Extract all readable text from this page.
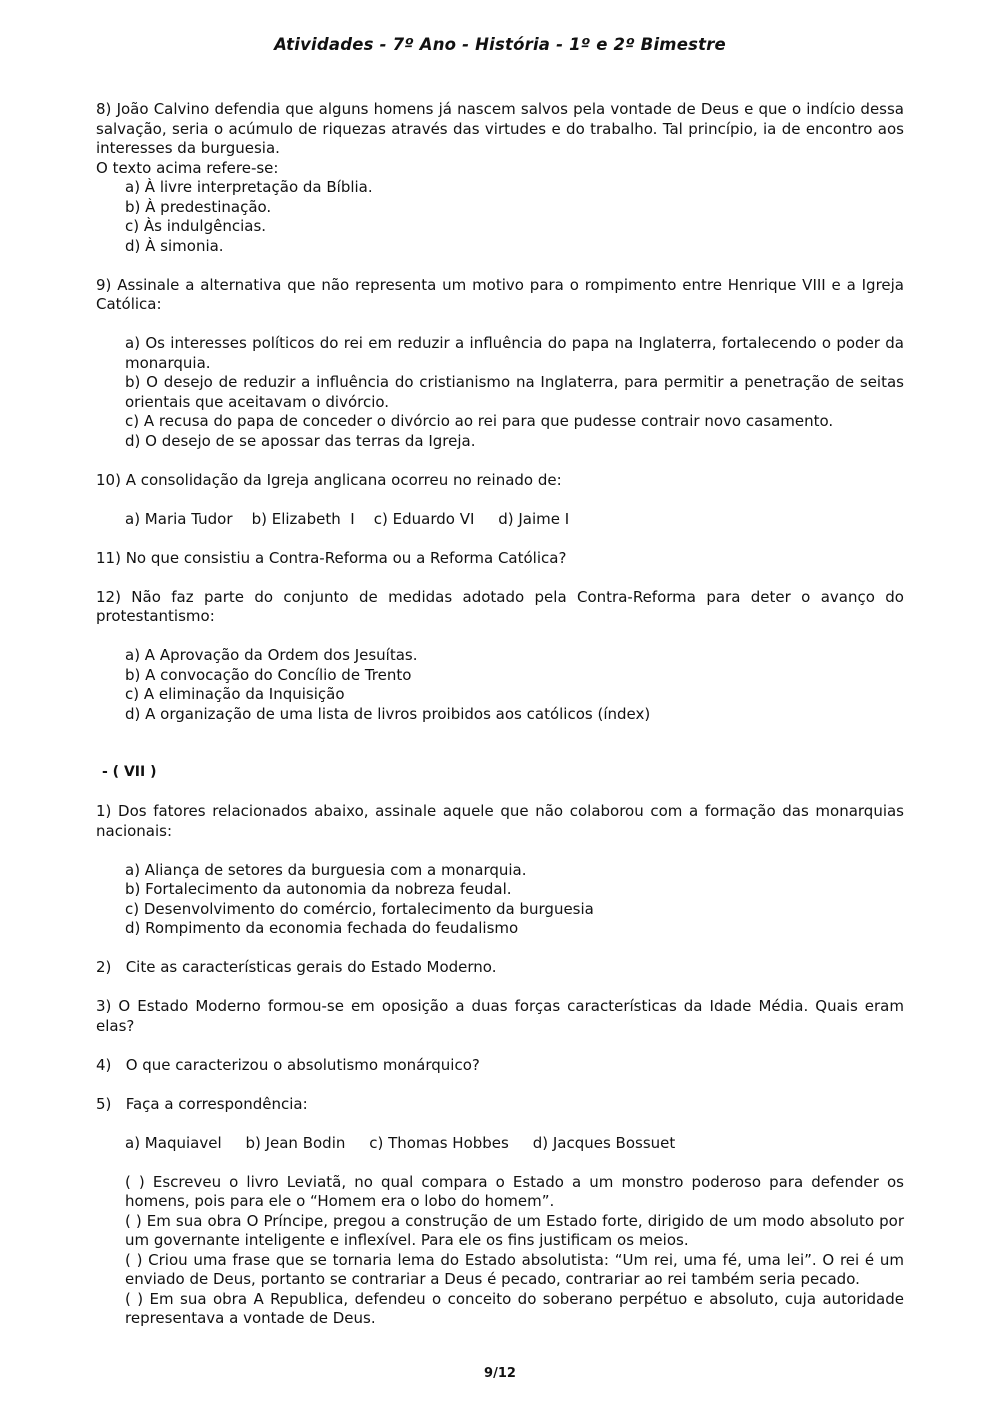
Atividades - 7º Ano - História - 1º e 2º Bimestre

8) João Calvino defendia que alguns homens já nascem salvos pela vontade de Deus e que o indício dessa salvação, seria o acúmulo de riquezas através das virtudes e do trabalho. Tal princípio, ia de encontro aos interesses da burguesia.

O texto acima refere-se:

a) À livre interpretação da Bíblia.

b) À predestinação.

c) Às indulgências.

d) À simonia.

9) Assinale a alternativa que não representa um motivo para o rompimento entre Henrique VIII e a Igreja Católica:

a) Os interesses políticos do rei em reduzir a influência do papa na Inglaterra, fortalecendo o poder da monarquia.

b) O desejo de reduzir a influência do cristianismo na Inglaterra, para permitir a penetração de seitas orientais que aceitavam o divórcio.

c) A recusa do papa de conceder o divórcio ao rei para que pudesse contrair novo casamento.

d) O desejo de se apossar das terras da Igreja.

10) A consolidação da Igreja anglicana ocorreu no reinado de:

a) Maria Tudor    b) Elizabeth  I    c) Eduardo VI     d) Jaime I

11) No que consistiu a Contra-Reforma ou a Reforma Católica?

12) Não faz parte do conjunto de medidas adotado pela Contra-Reforma para deter o avanço do protestantismo:

a) A Aprovação da Ordem dos Jesuítas.

b) A convocação do Concílio de Trento

c) A eliminação da Inquisição

d) A organização de uma lista de livros proibidos aos católicos (índex)

- ( VII )

1) Dos fatores relacionados abaixo, assinale aquele que não colaborou com a formação das monarquias nacionais:

a) Aliança de setores da burguesia com a monarquia.

b) Fortalecimento da autonomia da nobreza feudal.

c) Desenvolvimento do comércio, fortalecimento da burguesia

d) Rompimento da economia fechada do feudalismo

2)   Cite as características gerais do Estado Moderno.

3) O Estado Moderno formou-se em oposição a duas forças características da Idade Média. Quais eram elas?

4)   O que caracterizou o absolutismo monárquico?

5)   Faça a correspondência:

a) Maquiavel     b) Jean Bodin     c) Thomas Hobbes     d) Jacques Bossuet

( ) Escreveu o livro Leviatã, no qual compara o Estado a um monstro poderoso para defender os homens, pois para ele o “Homem era o lobo do homem”.

( ) Em sua obra O Príncipe, pregou a construção de um Estado forte, dirigido de um modo absoluto por um governante inteligente e inflexível. Para ele os fins justificam os meios.

( ) Criou uma frase que se tornaria lema do Estado absolutista: “Um rei, uma fé, uma lei”. O rei é um enviado de Deus, portanto se contrariar a Deus é pecado, contrariar ao rei também seria pecado.

( ) Em sua obra A Republica, defendeu o conceito do soberano perpétuo e absoluto, cuja autoridade representava a vontade de Deus.

9/12
